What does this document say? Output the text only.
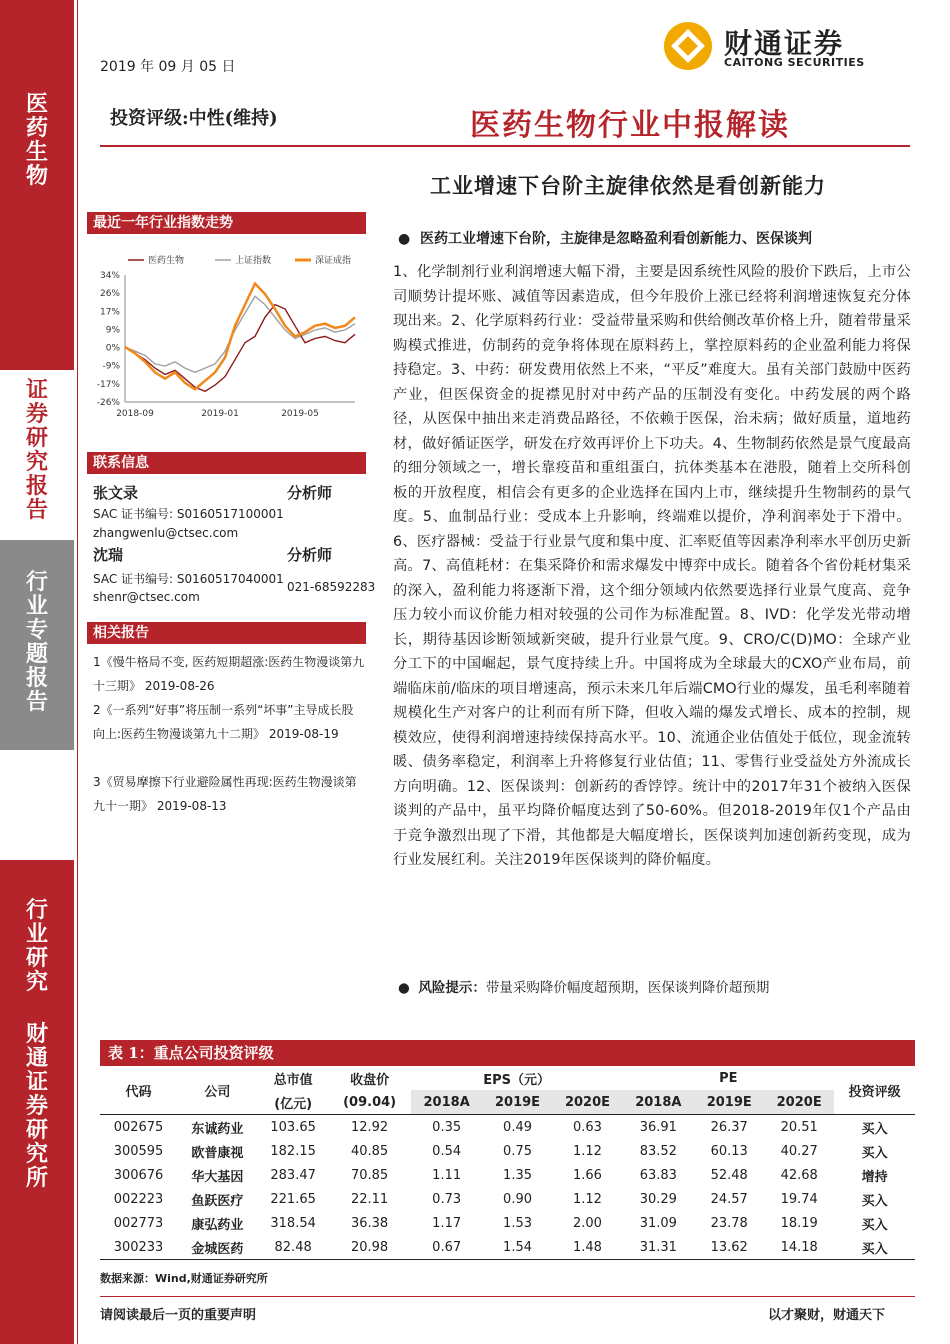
医药生物
证券研究报告
行业专题报告
行业研究
财通证券研究所
2019 年 09 月 05 日
财通证券
CAITONG SECURITIES
投资评级:中性(维持)	医药生物行业中报解读
工业增速下台阶主旋律依然是看创新能力
最近一年行业指数走势
34%
26%
17%
9%
0%
-9%
-17%
-26%
2018-09	2019-01	2019-05
医药生物	上证指数	深证成指
联系信息
张文录	分析师
SAC 证书编号: S0160517100001
zhangwenlu@ctsec.com
沈瑞	分析师
SAC 证书编号: S0160517040001
021-68592283
shenr@ctsec.com
相关报告
1《慢牛格局不变, 医药短期超涨:医药生物漫谈第九十三期》 2019-08-26
2《一系列“好事”将压制一系列“坏事”主导成长股向上:医药生物漫谈第九十二期》 2019-08-19
3《贸易摩擦下行业避险属性再现:医药生物漫谈第九十一期》 2019-08-13
●  医药工业增速下台阶，主旋律是忽略盈利看创新能力、医保谈判
1、化学制剂行业利润增速大幅下滑，主要是因系统性风险的股价下跌后，上市公司顺势计提坏账、减值等因素造成，但今年股价上涨已经将利润增速恢复充分体现出来。2、化学原料药行业：受益带量采购和供给侧改革价格上升，随着带量采购模式推进，仿制药的竞争将体现在原料药上，掌控原料药的企业盈利能力将保持稳定。3、中药：研发费用依然上不来，“平反”难度大。虽有关部门鼓励中医药产业，但医保资金的捉襟见肘对中药产品的压制没有变化。中药发展的两个路径，从医保中抽出来走消费品路径，不依赖于医保，治未病；做好质量，道地药材，做好循证医学，研发在疗效再评价上下功夫。4、生物制药依然是景气度最高的细分领域之一，增长靠疫苗和重组蛋白，抗体类基本在港股，随着上交所科创板的开放程度，相信会有更多的企业选择在国内上市，继续提升生物制药的景气度。5、血制品行业：受成本上升影响，终端难以提价，净利润率处于下滑中。6、医疗器械：受益于行业景气度和集中度、汇率贬值等因素净利率水平创历史新高。7、高值耗材：在集采降价和需求爆发中博弈中成长。随着各个省份耗材集采的深入，盈利能力将逐渐下滑，这个细分领域内依然要选择行业景气度高、竞争压力较小而议价能力相对较强的公司作为标准配置。8、IVD：化学发光带动增长，期待基因诊断领域新突破，提升行业景气度。9、CRO/C(D)MO：全球产业分工下的中国崛起，景气度持续上升。中国将成为全球最大的CXO产业布局，前端临床前/临床的项目增速高，预示未来几年后端CMO行业的爆发，虽毛利率随着规模化生产对客户的让利而有所下降，但收入端的爆发式增长、成本的控制，规模效应，使得利润增速持续保持高水平。10、流通企业估值处于低位，现金流转暖、债务率稳定，利润率上升将修复行业估值；11、零售行业受益处方外流成长方向明确。12、医保谈判：创新药的香饽饽。统计中的2017年31个被纳入医保谈判的产品中，虽平均降价幅度达到了50-60%。但2018-2019年仅1个产品由于竞争激烈出现了下滑，其他都是大幅度增长，医保谈判加速创新药变现，成为行业发展红利。关注2019年医保谈判的降价幅度。
●  风险提示：带量采购降价幅度超预期，医保谈判降价超预期
表 1：重点公司投资评级
代码	公司	总市值	收盘价	EPS（元）			PE			投资评级
		(亿元)	(09.04)	2018A	2019E	2020E	2018A	2019E	2020E	
002675	东诚药业	103.65	12.92	0.35	0.49	0.63	36.91	26.37	20.51	买入
300595	欧普康视	182.15	40.85	0.54	0.75	1.12	83.52	60.13	40.27	买入
300676	华大基因	283.47	70.85	1.11	1.35	1.66	63.83	52.48	42.68	增持
002223	鱼跃医疗	221.65	22.11	0.73	0.90	1.12	30.29	24.57	19.74	买入
002773	康弘药业	318.54	36.38	1.17	1.53	2.00	31.09	23.78	18.19	买入
300233	金城医药	82.48	20.98	0.67	1.54	1.48	31.31	13.62	14.18	买入
数据来源：Wind,财通证券研究所
请阅读最后一页的重要声明	以才聚财，财通天下
